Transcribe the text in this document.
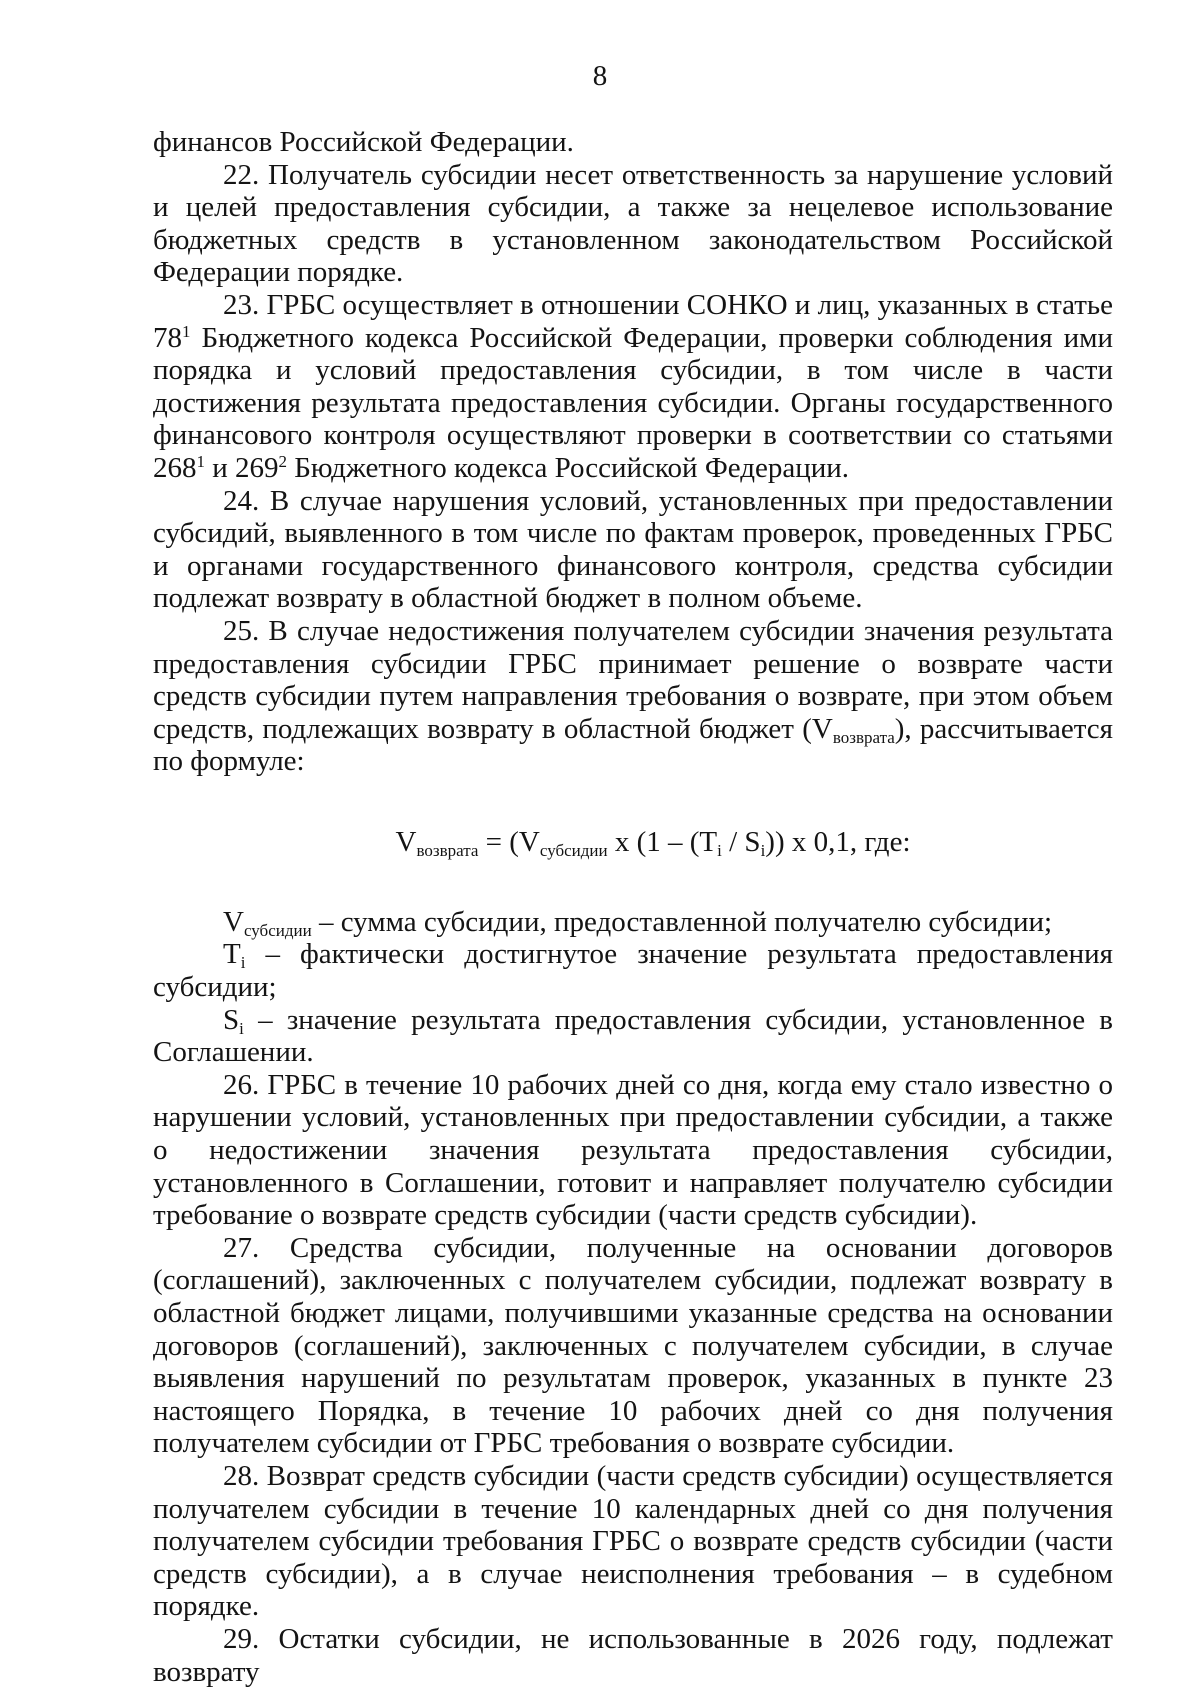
8

финансов Российской Федерации.

22. Получатель субсидии несет ответственность за нарушение условий и целей предоставления субсидии, а также за нецелевое использование бюджетных средств в установленном законодательством Российской Федерации порядке.

23. ГРБС осуществляет в отношении СОНКО и лиц, указанных в статье $78^1$ Бюджетного кодекса Российской Федерации, проверки соблюдения ими порядка и условий предоставления субсидии, в том числе в части достижения результата предоставления субсидии. Органы государственного финансового контроля осуществляют проверки в соответствии со статьями $268^1$ и $269^2$ Бюджетного кодекса Российской Федерации.

24. В случае нарушения условий, установленных при предоставлении субсидий, выявленного в том числе по фактам проверок, проведенных ГРБС и органами государственного финансового контроля, средства субсидии подлежат возврату в областной бюджет в полном объеме.

25. В случае недостижения получателем субсидии значения результата предоставления субсидии ГРБС принимает решение о возврате части средств субсидии путем направления требования о возврате, при этом объем средств, подлежащих возврату в областной бюджет $(V_{возврата})$, рассчитывается по формуле:

$V_{возврата} = (V_{субсидии}$ x $(1 - (T_i / S_i))$ x 0,1, где:

$V_{субсидии}$ – сумма субсидии, предоставленной получателю субсидии;

$T_i$ – фактически достигнутое значение результата предоставления субсидии;

$S_i$ – значение результата предоставления субсидии, установленное в Соглашении.

26. ГРБС в течение 10 рабочих дней со дня, когда ему стало известно о нарушении условий, установленных при предоставлении субсидии, а также о недостижении значения результата предоставления субсидии, установленного в Соглашении, готовит и направляет получателю субсидии требование о возврате средств субсидии (части средств субсидии).

27. Средства субсидии, полученные на основании договоров (соглашений), заключенных с получателем субсидии, подлежат возврату в областной бюджет лицами, получившими указанные средства на основании договоров (соглашений), заключенных с получателем субсидии, в случае выявления нарушений по результатам проверок, указанных в пункте 23 настоящего Порядка, в течение 10 рабочих дней со дня получения получателем субсидии от ГРБС требования о возврате субсидии.

28. Возврат средств субсидии (части средств субсидии) осуществляется получателем субсидии в течение 10 календарных дней со дня получения получателем субсидии требования ГРБС о возврате средств субсидии (части средств субсидии), а в случае неисполнения требования – в судебном порядке.

29. Остатки субсидии, не использованные в 2026 году, подлежат возврату
